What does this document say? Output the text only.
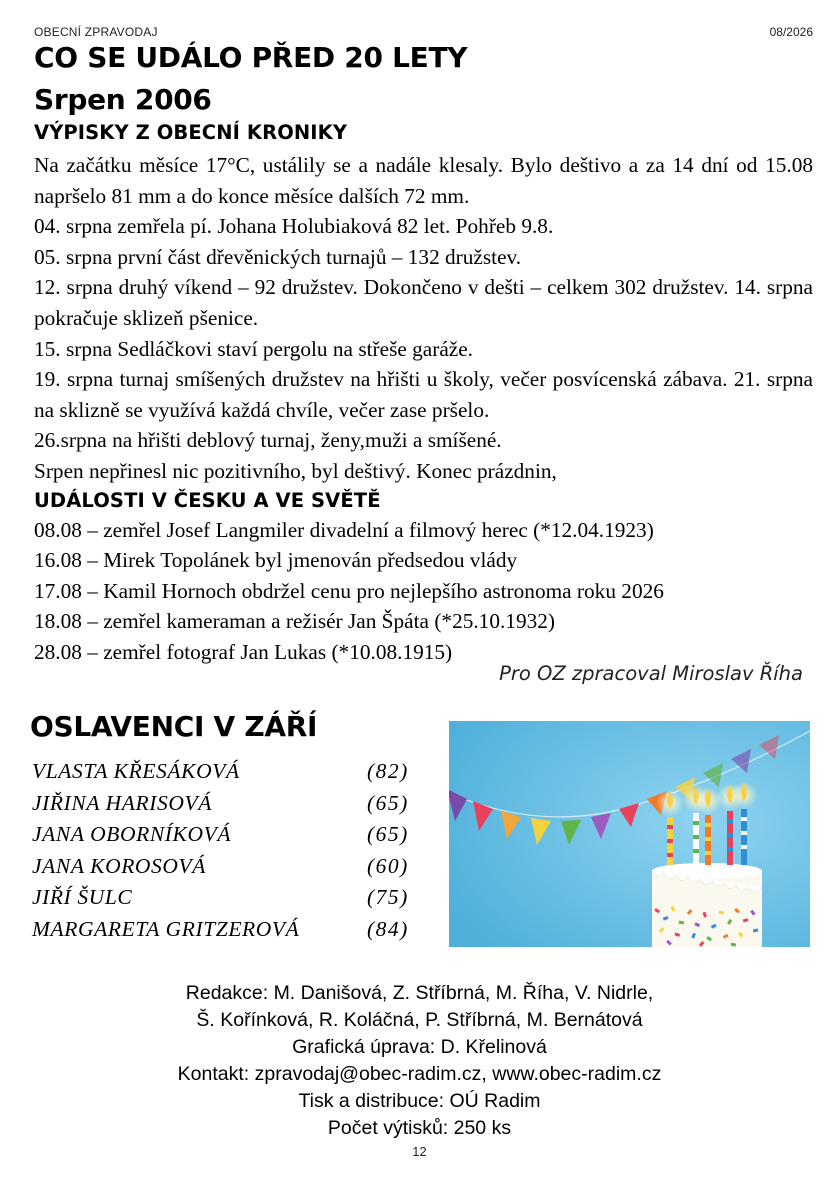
OBECNÍ ZPRAVODAJ	08/2026
CO SE UDÁLO PŘED 20 LETY
Srpen 2006
VÝPISKY Z OBECNÍ KRONIKY

Na začátku měsíce 17°C, ustálily se a nadále klesaly. Bylo deštivo a za 14 dní od 15.08 napršelo 81 mm a do konce měsíce dalších 72 mm.

04. srpna zemřela pí. Johana Holubiaková 82 let. Pohřeb 9.8.

05. srpna první část dřevěnických turnajů – 132 družstev.

12. srpna druhý víkend – 92 družstev. Dokončeno v dešti – celkem 302 družstev. 14. srpna pokračuje sklizeň pšenice.

15. srpna Sedláčkovi staví pergolu na střeše garáže.

19. srpna turnaj smíšených družstev na hřišti u školy, večer posvícenská zábava. 21. srpna na sklizně se využívá každá chvíle, večer zase pršelo.

26.srpna na hřišti deblový turnaj, ženy,muži a smíšené.

Srpen nepřinesl nic pozitivního, byl deštivý. Konec prázdnin,

UDÁLOSTI V ČESKU A VE SVĚTĚ

08.08 – zemřel Josef Langmiler divadelní a filmový herec (*12.04.1923)

16.08 – Mirek Topolánek byl jmenován předsedou vlády

17.08 – Kamil Hornoch obdržel cenu pro nejlepšího astronoma roku 2026

18.08 – zemřel kameraman a režisér Jan Špáta (*25.10.1932)

28.08 – zemřel fotograf Jan Lukas (*10.08.1915)

Pro OZ zpracoval Miroslav Říha
OSLAVENCI V ZÁŘÍ
VLASTA KŘESÁKOVÁ	(82)
JIŘINA HARISOVÁ	(65)
JANA OBORNÍKOVÁ	(65)
JANA KOROSOVÁ	(60)
JIŘÍ ŠULC	(75)
MARGARETA GRITZEROVÁ	(84)

Redakce: M. Danišová, Z. Stříbrná, M. Říha, V. Nidrle,

Š. Kořínková, R. Koláčná, P. Stříbrná, M. Bernátová

Grafická úprava: D. Křelinová

Kontakt: zpravodaj@obec-radim.cz, www.obec-radim.cz

Tisk a distribuce: OÚ Radim

Počet výtisků: 250 ks

12
